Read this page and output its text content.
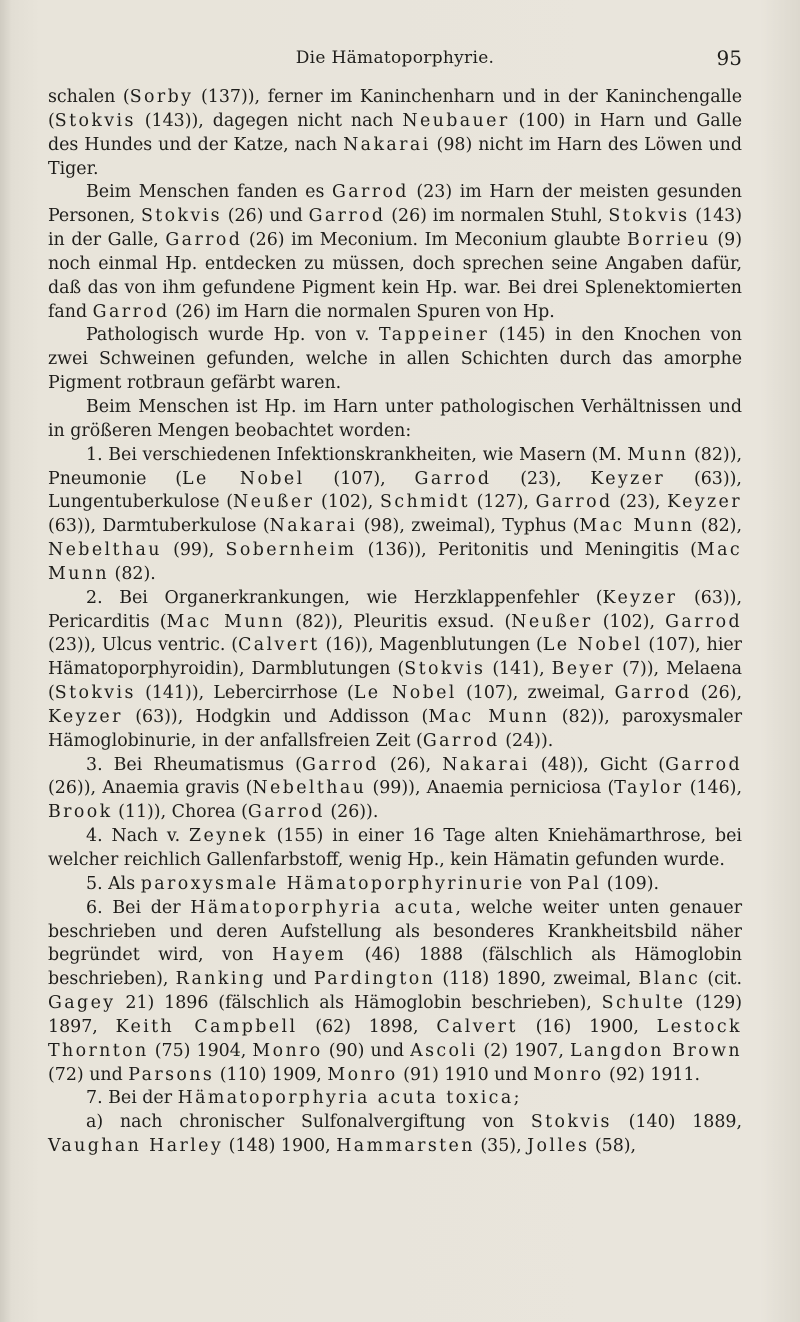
Die Hämatoporphyrie.	95

schalen (Sorby (137)), ferner im Kaninchenharn und in der Kaninchengalle (Stokvis (143)), dagegen nicht nach Neubauer (100) in Harn und Galle des Hundes und der Katze, nach Nakarai (98) nicht im Harn des Löwen und Tiger.

Beim Menschen fanden es Garrod (23) im Harn der meisten gesunden Personen, Stokvis (26) und Garrod (26) im normalen Stuhl, Stokvis (143) in der Galle, Garrod (26) im Meconium. Im Meconium glaubte Borrieu (9) noch einmal Hp. entdecken zu müssen, doch sprechen seine Angaben dafür, daß das von ihm gefundene Pigment kein Hp. war. Bei drei Splenektomierten fand Garrod (26) im Harn die normalen Spuren von Hp.

Pathologisch wurde Hp. von v. Tappeiner (145) in den Knochen von zwei Schweinen gefunden, welche in allen Schichten durch das amorphe Pigment rotbraun gefärbt waren.

Beim Menschen ist Hp. im Harn unter pathologischen Verhältnissen und in größeren Mengen beobachtet worden:

1. Bei verschiedenen Infektionskrankheiten, wie Masern (M. Munn (82)), Pneumonie (Le Nobel (107), Garrod (23), Keyzer (63)), Lungentuberkulose (Neußer (102), Schmidt (127), Garrod (23), Keyzer (63)), Darmtuberkulose (Nakarai (98), zweimal), Typhus (Mac Munn (82), Nebelthau (99), Sobernheim (136)), Peritonitis und Meningitis (Mac Munn (82).

2. Bei Organerkrankungen, wie Herzklappenfehler (Keyzer (63)), Pericarditis (Mac Munn (82)), Pleuritis exsud. (Neußer (102), Garrod (23)), Ulcus ventric. (Calvert (16)), Magenblutungen (Le Nobel (107), hier Hämatoporphyroidin), Darmblutungen (Stokvis (141), Beyer (7)), Melaena (Stokvis (141)), Lebercirrhose (Le Nobel (107), zweimal, Garrod (26), Keyzer (63)), Hodgkin und Addisson (Mac Munn (82)), paroxysmaler Hämoglobinurie, in der anfallsfreien Zeit (Garrod (24)).

3. Bei Rheumatismus (Garrod (26), Nakarai (48)), Gicht (Garrod (26)), Anaemia gravis (Nebelthau (99)), Anaemia perniciosa (Taylor (146), Brook (11)), Chorea (Garrod (26)).

4. Nach v. Zeynek (155) in einer 16 Tage alten Kniehämarthrose, bei welcher reichlich Gallenfarbstoff, wenig Hp., kein Hämatin gefunden wurde.

5. Als paroxysmale Hämatoporphyrinurie von Pal (109).

6. Bei der Hämatoporphyria acuta, welche weiter unten genauer beschrieben und deren Aufstellung als besonderes Krankheitsbild näher begründet wird, von Hayem (46) 1888 (fälschlich als Hämoglobin beschrieben), Ranking und Pardington (118) 1890, zweimal, Blanc (cit. Gagey 21) 1896 (fälschlich als Hämoglobin beschrieben), Schulte (129) 1897, Keith Campbell (62) 1898, Calvert (16) 1900, Lestock Thornton (75) 1904, Monro (90) und Ascoli (2) 1907, Langdon Brown (72) und Parsons (110) 1909, Monro (91) 1910 und Monro (92) 1911.

7. Bei der Hämatoporphyria acuta toxica;

a) nach chronischer Sulfonalvergiftung von Stokvis (140) 1889, Vaughan Harley (148) 1900, Hammarsten (35), Jolles (58),
